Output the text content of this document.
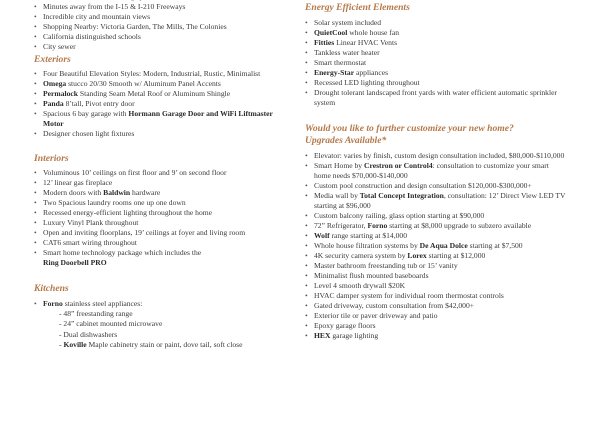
•
• Minutes away from the I-15 & I-210 Freeways
• Incredible city and mountain views
• Shopping Nearby: Victoria Garden, The Mills, The Colonies
• California distinguished schools
• City sewer
Exteriors
• Four Beautiful Elevation Styles: Modern, Industrial, Rustic, Minimalist
• Omega stucco 20/30 Smooth w/ Aluminum Panel Accents
• Permalock Standing Seam Metal Roof or Aluminum Shingle
• Panda 8’tall, Pivot entry door
• Spacious 6 bay garage with Hormann Garage Door and WiFi Liftmaster Motor
• Designer chosen light fixtures
Interiors
• Voluminous 10’ ceilings on first floor and 9’ on second floor
• 12’ linear gas fireplace
• Modern doors with Baldwin hardware
• Two Spacious laundry rooms one up one down
• Recessed energy-efficient lighting throughout the home
• Luxury Vinyl Plank throughout
• Open and inviting floorplans, 19’ ceilings at foyer and living room
• CAT6 smart wiring throughout
• Smart home technology package which includes the
Ring Doorbell PRO
Kitchens
• Forno stainless steel appliances:
- 48” freestanding range
- 24” cabinet mounted microwave
- Dual dishwashers
- Koville Maple cabinetry stain or paint, dove tail, soft close
Energy Efficient Elements
• Solar system included
• QuietCool whole house fan
• Fitties Linear HVAC Vents
• Tankless water heater
• Smart thermostat
• Energy-Star appliances
• Recessed LED lighting throughout
• Drought tolerant landscaped front yards with water efficient automatic sprinkler system
Would you like to further customize your new home?
Upgrades Available*
• Elevator: varies by finish, custom design consultation included, $80,000-$110,000
• Smart Home by Crestron or Control4: consultation to customize your smart home needs $70,000-$140,000
• Custom pool construction and design consultation $120,000-$300,000+
• Media wall by Total Concept Integration, consultation: 12’ Direct View LED TV starting at $96,000
• Custom balcony railing, glass option starting at $90,000
• 72” Refrigerator, Forno starting at $8,000 upgrade to subzero available
• Wolf range starting at $14,000
• Whole house filtration systems by De Aqua Dolce starting at $7,500
• 4K security camera system by Lorex starting at $12,000
• Master bathroom freestanding tub or 15’ vanity
• Minimalist flush mounted baseboards
• Level 4 smooth drywall $20K
• HVAC damper system for individual room thermostat controls
• Gated driveway, custom consultation from $42,000+
• Exterior tile or paver driveway and patio
• Epoxy garage floors
• HEX garage lighting
